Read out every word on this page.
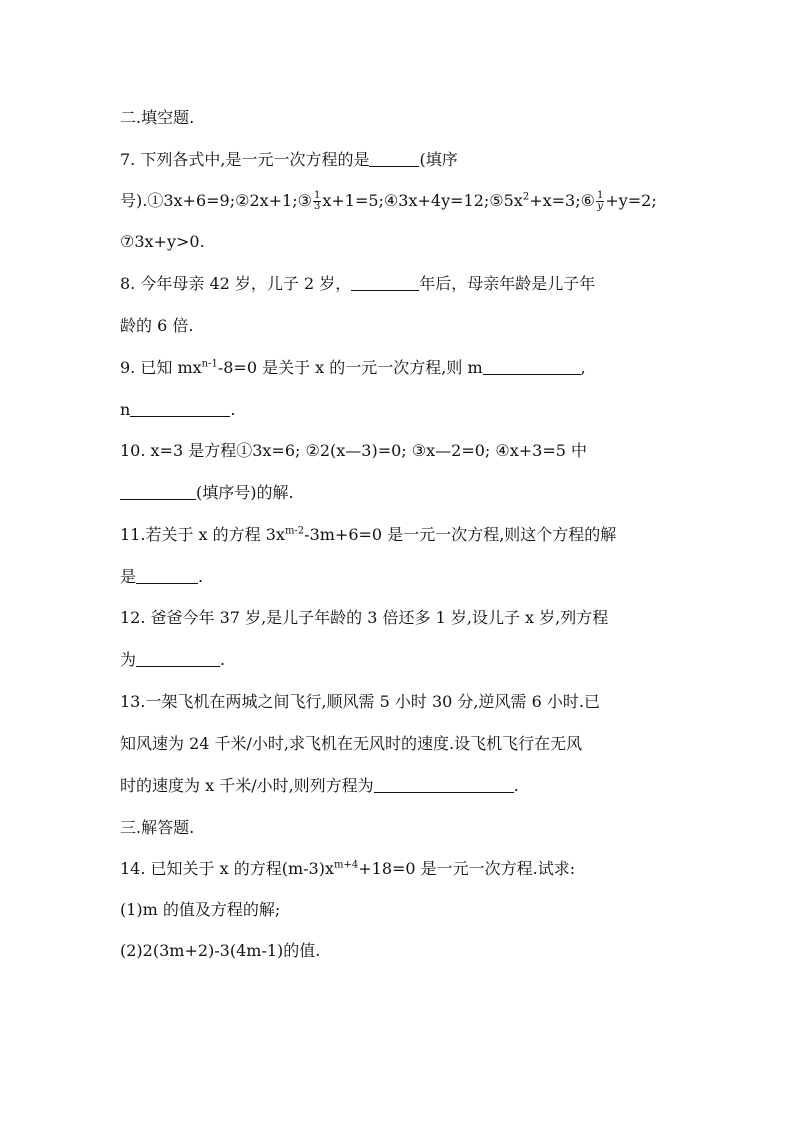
二.填空题.
7. 下列各式中,是一元一次方程的是	(填序
号).①3x+6=9;②2x+1;③ $\frac{1}{3}$ $x+1=5;④3x+4y=12;⑤5x^2+x=3;⑥ \frac{1}{y} +y=2$;
⑦3x+y>0.
8. 今年母亲 42 岁，儿子 2 岁，	年后，母亲年龄是儿子年
龄的 6 倍.
9. 已知 $mx^{n-1}-8=0$ 是关于 x 的一元一次方程,则 m	,
n	.
10. x=3 是方程①3x=6; ②2(x—3)=0; ③x—2=0; ④x+3=5 中
(填序号)的解.
11.若关于 x 的方程 $3x^{m-2}-3m+6=0$ 是一元一次方程,则这个方程的解
是	.
12. 爸爸今年 37 岁,是儿子年龄的 3 倍还多 1 岁,设儿子 x 岁,列方程
为	.
13.一架飞机在两城之间飞行,顺风需 5 小时 30 分,逆风需 6 小时.已
知风速为 24 千米/小时,求飞机在无风时的速度.设飞机飞行在无风
时的速度为 x 千米/小时,则列方程为	.
三.解答题.
14. 已知关于 x 的方程$(m-3)x^{m+4}+18=0$ 是一元一次方程.试求:
(1)m 的值及方程的解;
(2)2(3m+2)-3(4m-1)的值.
